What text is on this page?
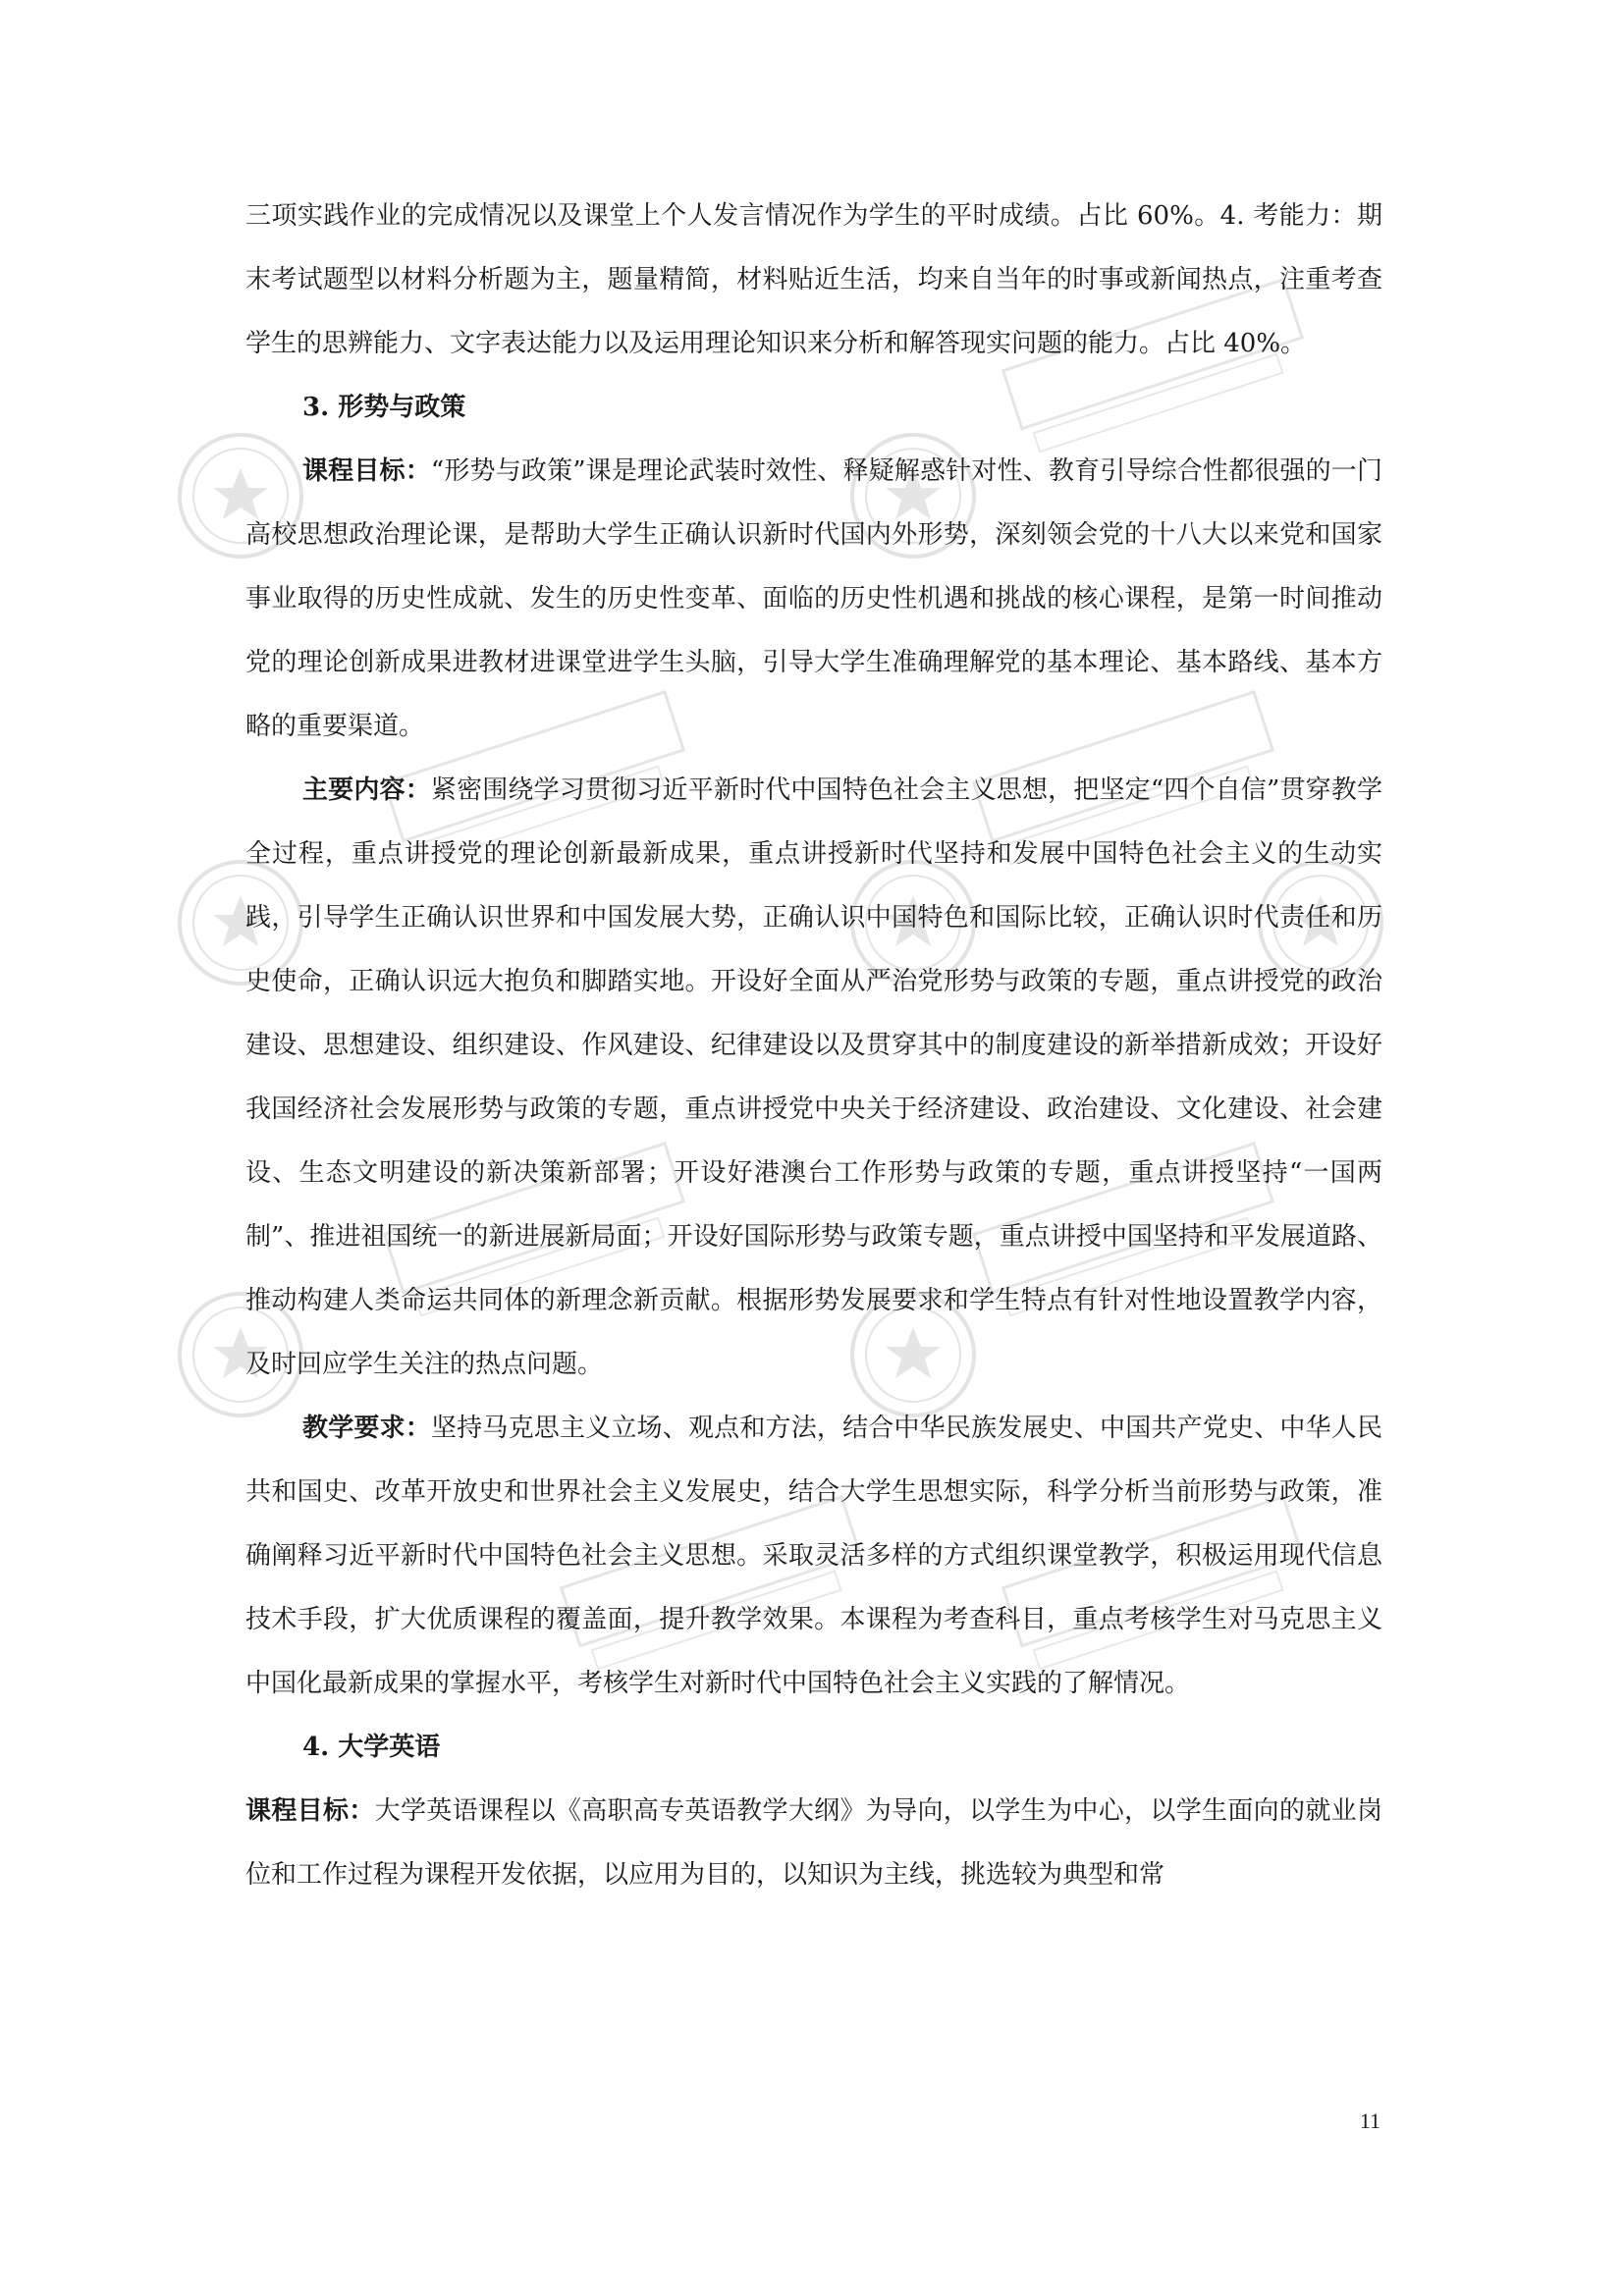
三项实践作业的完成情况以及课堂上个人发言情况作为学生的平时成绩。占比 60%。4. 考能力：期末考试题型以材料分析题为主，题量精简，材料贴近生活，均来自当年的时事或新闻热点，注重考查学生的思辨能力、文字表达能力以及运用理论知识来分析和解答现实问题的能力。占比 40%。

3. 形势与政策

课程目标：“形势与政策”课是理论武装时效性、释疑解惑针对性、教育引导综合性都很强的一门高校思想政治理论课，是帮助大学生正确认识新时代国内外形势，深刻领会党的十八大以来党和国家事业取得的历史性成就、发生的历史性变革、面临的历史性机遇和挑战的核心课程，是第一时间推动党的理论创新成果进教材进课堂进学生头脑，引导大学生准确理解党的基本理论、基本路线、基本方略的重要渠道。

主要内容：紧密围绕学习贯彻习近平新时代中国特色社会主义思想，把坚定“四个自信”贯穿教学全过程，重点讲授党的理论创新最新成果，重点讲授新时代坚持和发展中国特色社会主义的生动实践，引导学生正确认识世界和中国发展大势，正确认识中国特色和国际比较，正确认识时代责任和历史使命，正确认识远大抱负和脚踏实地。开设好全面从严治党形势与政策的专题，重点讲授党的政治建设、思想建设、组织建设、作风建设、纪律建设以及贯穿其中的制度建设的新举措新成效；开设好我国经济社会发展形势与政策的专题，重点讲授党中央关于经济建设、政治建设、文化建设、社会建设、生态文明建设的新决策新部署；开设好港澳台工作形势与政策的专题，重点讲授坚持“一国两制”、推进祖国统一的新进展新局面；开设好国际形势与政策专题，重点讲授中国坚持和平发展道路、推动构建人类命运共同体的新理念新贡献。根据形势发展要求和学生特点有针对性地设置教学内容，及时回应学生关注的热点问题。

教学要求：坚持马克思主义立场、观点和方法，结合中华民族发展史、中国共产党史、中华人民共和国史、改革开放史和世界社会主义发展史，结合大学生思想实际，科学分析当前形势与政策，准确阐释习近平新时代中国特色社会主义思想。采取灵活多样的方式组织课堂教学，积极运用现代信息技术手段，扩大优质课程的覆盖面，提升教学效果。本课程为考查科目，重点考核学生对马克思主义中国化最新成果的掌握水平，考核学生对新时代中国特色社会主义实践的了解情况。

4. 大学英语

课程目标：大学英语课程以《高职高专英语教学大纲》为导向，以学生为中心，以学生面向的就业岗位和工作过程为课程开发依据，以应用为目的，以知识为主线，挑选较为典型和常

11
